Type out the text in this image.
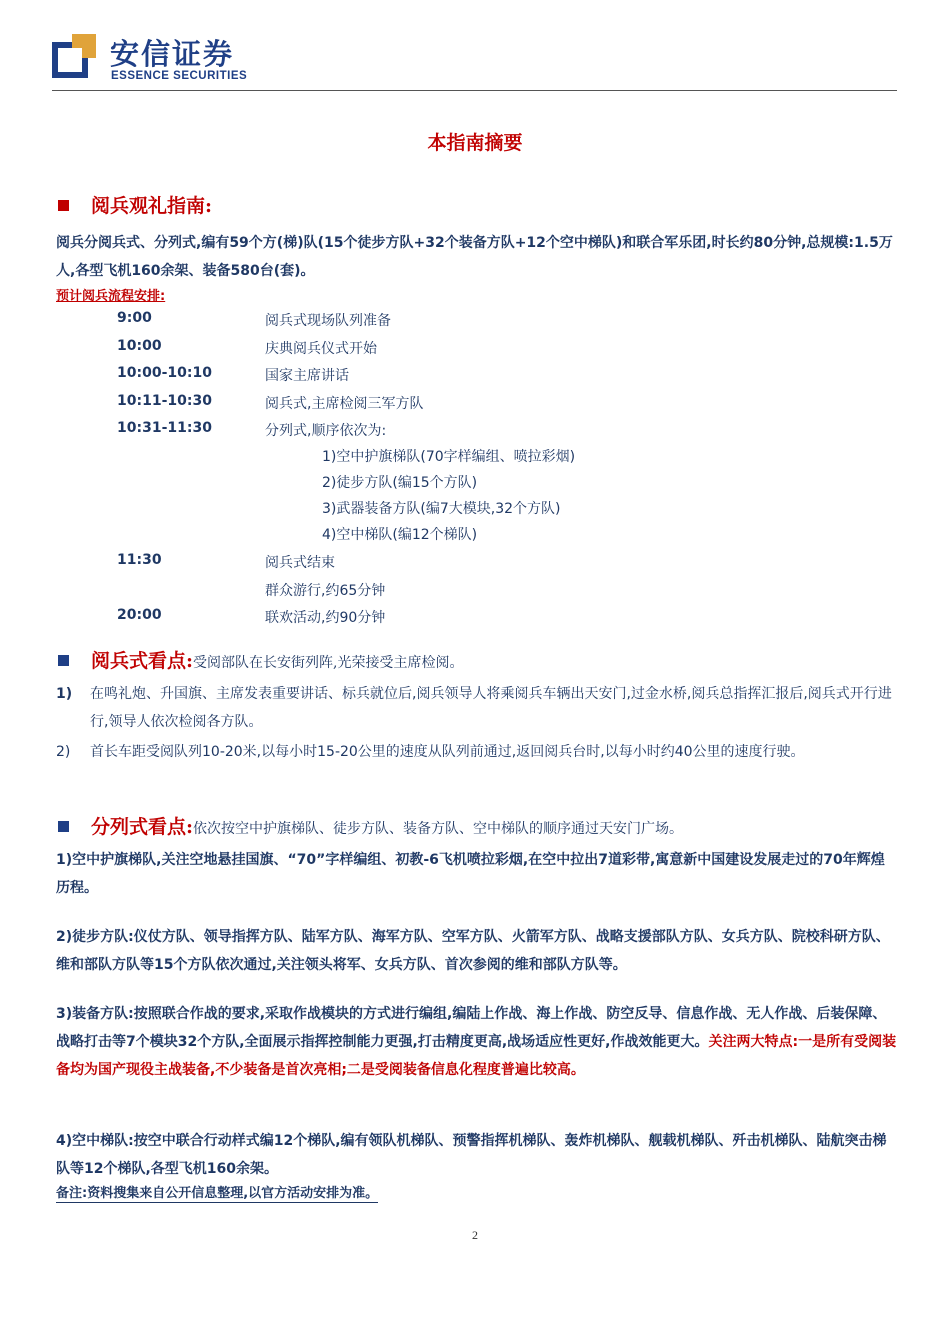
安信证券
ESSENCE SECURITIES
本指南摘要
阅兵观礼指南:
阅兵分阅兵式、分列式,编有59个方(梯)队(15个徒步方队+32个装备方队+12个空中梯队)和联合军乐团,时长约80分钟,总规模:1.5万人,各型飞机160余架、装备580台(套)。
预计阅兵流程安排:
9:00	阅兵式现场队列准备
10:00	庆典阅兵仪式开始
10:00-10:10	国家主席讲话
10:11-10:30	阅兵式,主席检阅三军方队
10:31-11:30	分列式,顺序依次为:
1)空中护旗梯队(70字样编组、喷拉彩烟)
2)徒步方队(编15个方队)
3)武器装备方队(编7大模块,32个方队)
4)空中梯队(编12个梯队)
11:30	阅兵式结束
群众游行,约65分钟
20:00	联欢活动,约90分钟
阅兵式看点:受阅部队在长安街列阵,光荣接受主席检阅。
1) 在鸣礼炮、升国旗、主席发表重要讲话、标兵就位后,阅兵领导人将乘阅兵车辆出天安门,过金水桥,阅兵总指挥汇报后,阅兵式开行进行,领导人依次检阅各方队。
2) 首长车距受阅队列10-20米,以每小时15-20公里的速度从队列前通过,返回阅兵台时,以每小时约40公里的速度行驶。
分列式看点:依次按空中护旗梯队、徒步方队、装备方队、空中梯队的顺序通过天安门广场。
1)空中护旗梯队,关注空地悬挂国旗、“70”字样编组、初教-6飞机喷拉彩烟,在空中拉出7道彩带,寓意新中国建设发展走过的70年辉煌历程。
2)徒步方队:仪仗方队、领导指挥方队、陆军方队、海军方队、空军方队、火箭军方队、战略支援部队方队、女兵方队、院校科研方队、维和部队方队等15个方队依次通过,关注领头将军、女兵方队、首次参阅的维和部队方队等。
3)装备方队:按照联合作战的要求,采取作战模块的方式进行编组,编陆上作战、海上作战、防空反导、信息作战、无人作战、后装保障、战略打击等7个模块32个方队,全面展示指挥控制能力更强,打击精度更高,战场适应性更好,作战效能更大。关注两大特点:一是所有受阅装备均为国产现役主战装备,不少装备是首次亮相;二是受阅装备信息化程度普遍比较高。
4)空中梯队:按空中联合行动样式编12个梯队,编有领队机梯队、预警指挥机梯队、轰炸机梯队、舰载机梯队、歼击机梯队、陆航突击梯队等12个梯队,各型飞机160余架。
备注:资料搜集来自公开信息整理,以官方活动安排为准。
2
